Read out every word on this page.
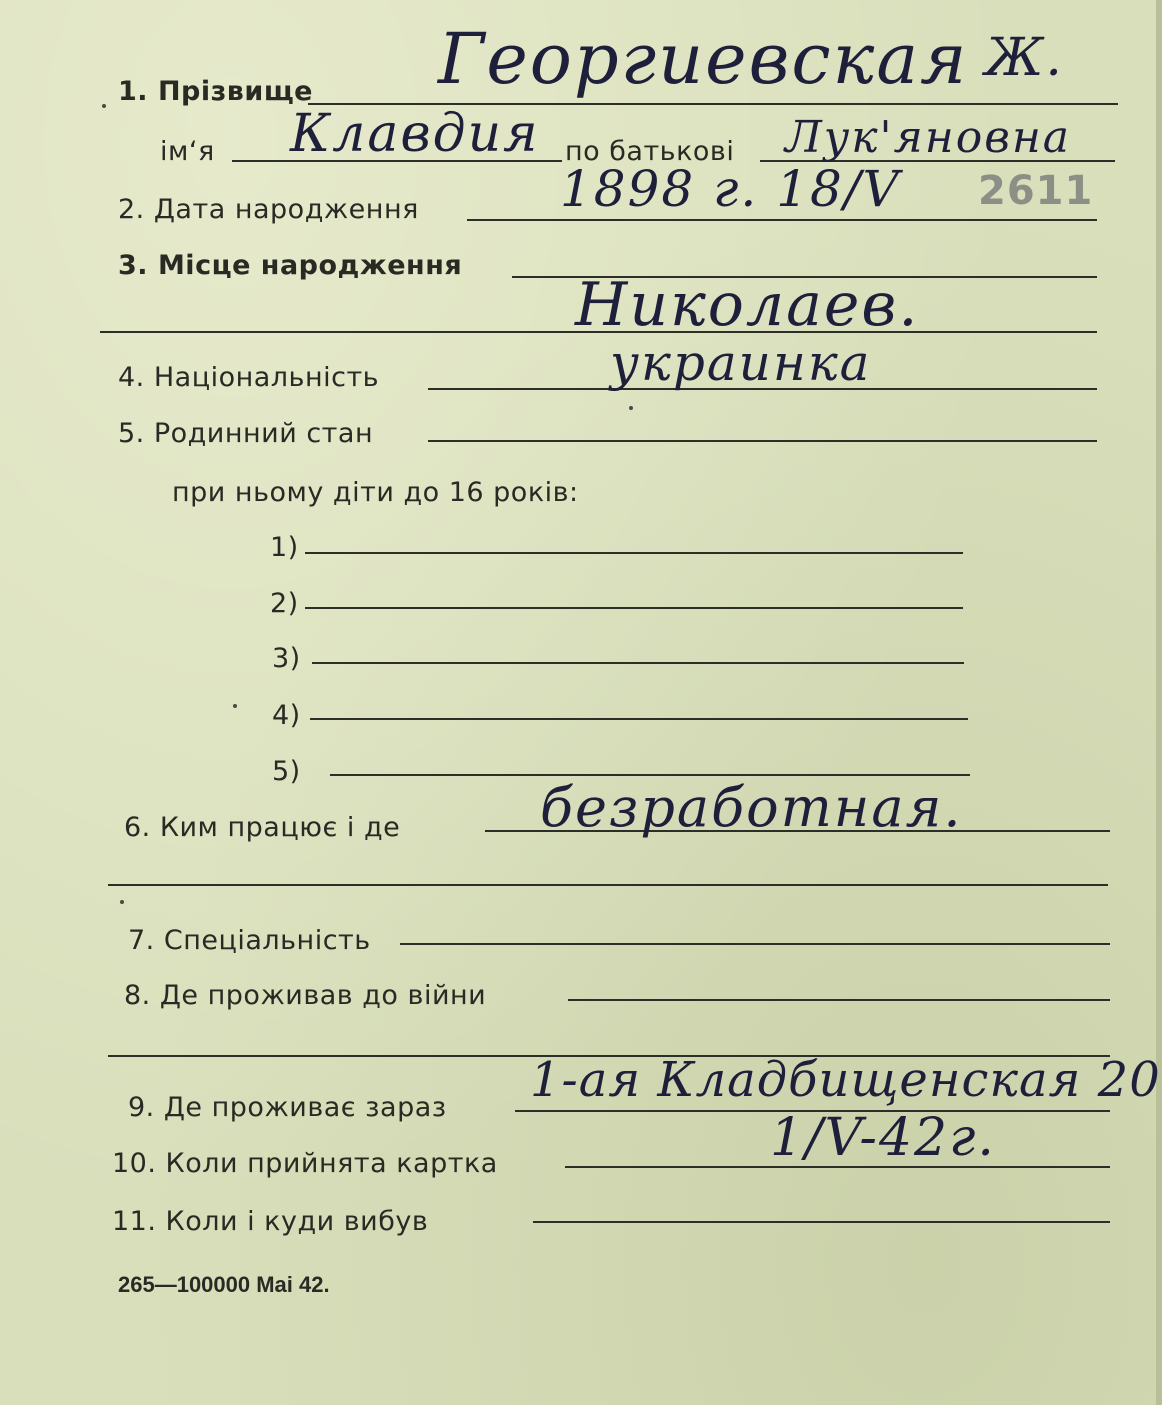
1. Прізвище Георгиевская Ж.
ім‘я Клавдия по батькові Лук'яновна
2. Дата народження	1898 г. 18/V 2611
3. Місце народження
Николаев.
4. Національність	украинка
5. Родинний стан
при ньому діти до 16 років:
1)
2)
3)
4)
5)
6. Ким працює і де	безработная.
7. Спеціальність
8. Де проживав до війни
9. Де проживає зараз 1-ая Кладбищенская 20
10. Коли прийнята картка	1/V-42г.
11. Коли і куди вибув
265—100000 Mai 42.
